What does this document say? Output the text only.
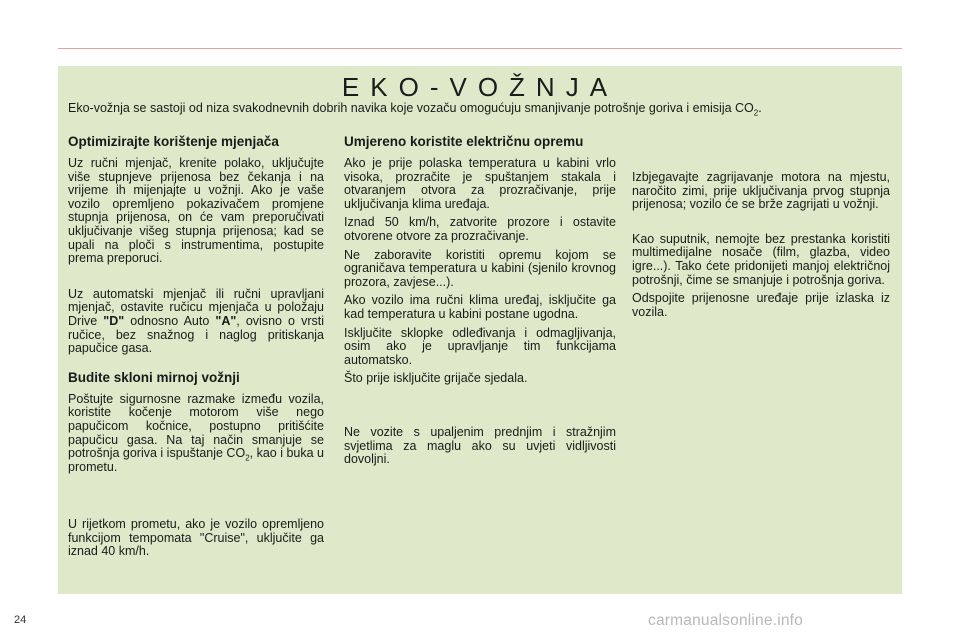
EKO-VOŽNJA

Eko-vožnja se sastoji od niza svakodnevnih dobrih navika koje vozaču omogućuju smanjivanje potrošnje goriva i emisija $CO_2$.

Optimizirajte korištenje mjenjača

Uz ručni mjenjač, krenite polako, uključujte više stupnjeve prijenosa bez čekanja i na vrijeme ih mijenjajte u vožnji. Ako je vaše vozilo opremljeno pokazivačem promjene stupnja prijenosa, on će vam preporučivati uključivanje višeg stupnja prijenosa; kad se upali na ploči s instrumentima, postupite prema preporuci.

Uz automatski mjenjač ili ručni upravljani mjenjač, ostavite ručicu mjenjača u položaju Drive "D" odnosno Auto "A", ovisno o vrsti ručice, bez snažnog i naglog pritiskanja papučice gasa.

Budite skloni mirnoj vožnji

Poštujte sigurnosne razmake između vozila, koristite kočenje motorom više nego papučicom kočnice, postupno pritišćite papučicu gasa. Na taj način smanjuje se potrošnja goriva i ispuštanje $CO_2$, kao i buka u prometu.

U rijetkom prometu, ako je vozilo opremljeno funkcijom tempomata "Cruise", uključite ga iznad 40 km/h.

Umjereno koristite električnu opremu

Ako je prije polaska temperatura u kabini vrlo visoka, prozračite je spuštanjem stakala i otvaranjem otvora za prozračivanje, prije uključivanja klima uređaja.

Iznad 50 km/h, zatvorite prozore i ostavite otvorene otvore za prozračivanje.

Ne zaboravite koristiti opremu kojom se ograničava temperatura u kabini (sjenilo krovnog prozora, zavjese...).

Ako vozilo ima ručni klima uređaj, isključite ga kad temperatura u kabini postane ugodna.

Isključite sklopke odleđivanja i odmagljivanja, osim ako je upravljanje tim funkcijama automatsko.

Što prije isključite grijače sjedala.

Ne vozite s upaljenim prednjim i stražnjim svjetlima za maglu ako su uvjeti vidljivosti dovoljni.

Izbjegavajte zagrijavanje motora na mjestu, naročito zimi, prije uključivanja prvog stupnja prijenosa; vozilo će se brže zagrijati u vožnji.

Kao suputnik, nemojte bez prestanka koristiti multimedijalne nosače (film, glazba, video igre...). Tako ćete pridonijeti manjoj električnoj potrošnji, čime se smanjuje i potrošnja goriva.

Odspojite prijenosne uređaje prije izlaska iz vozila.

24	carmanualsonline.info
